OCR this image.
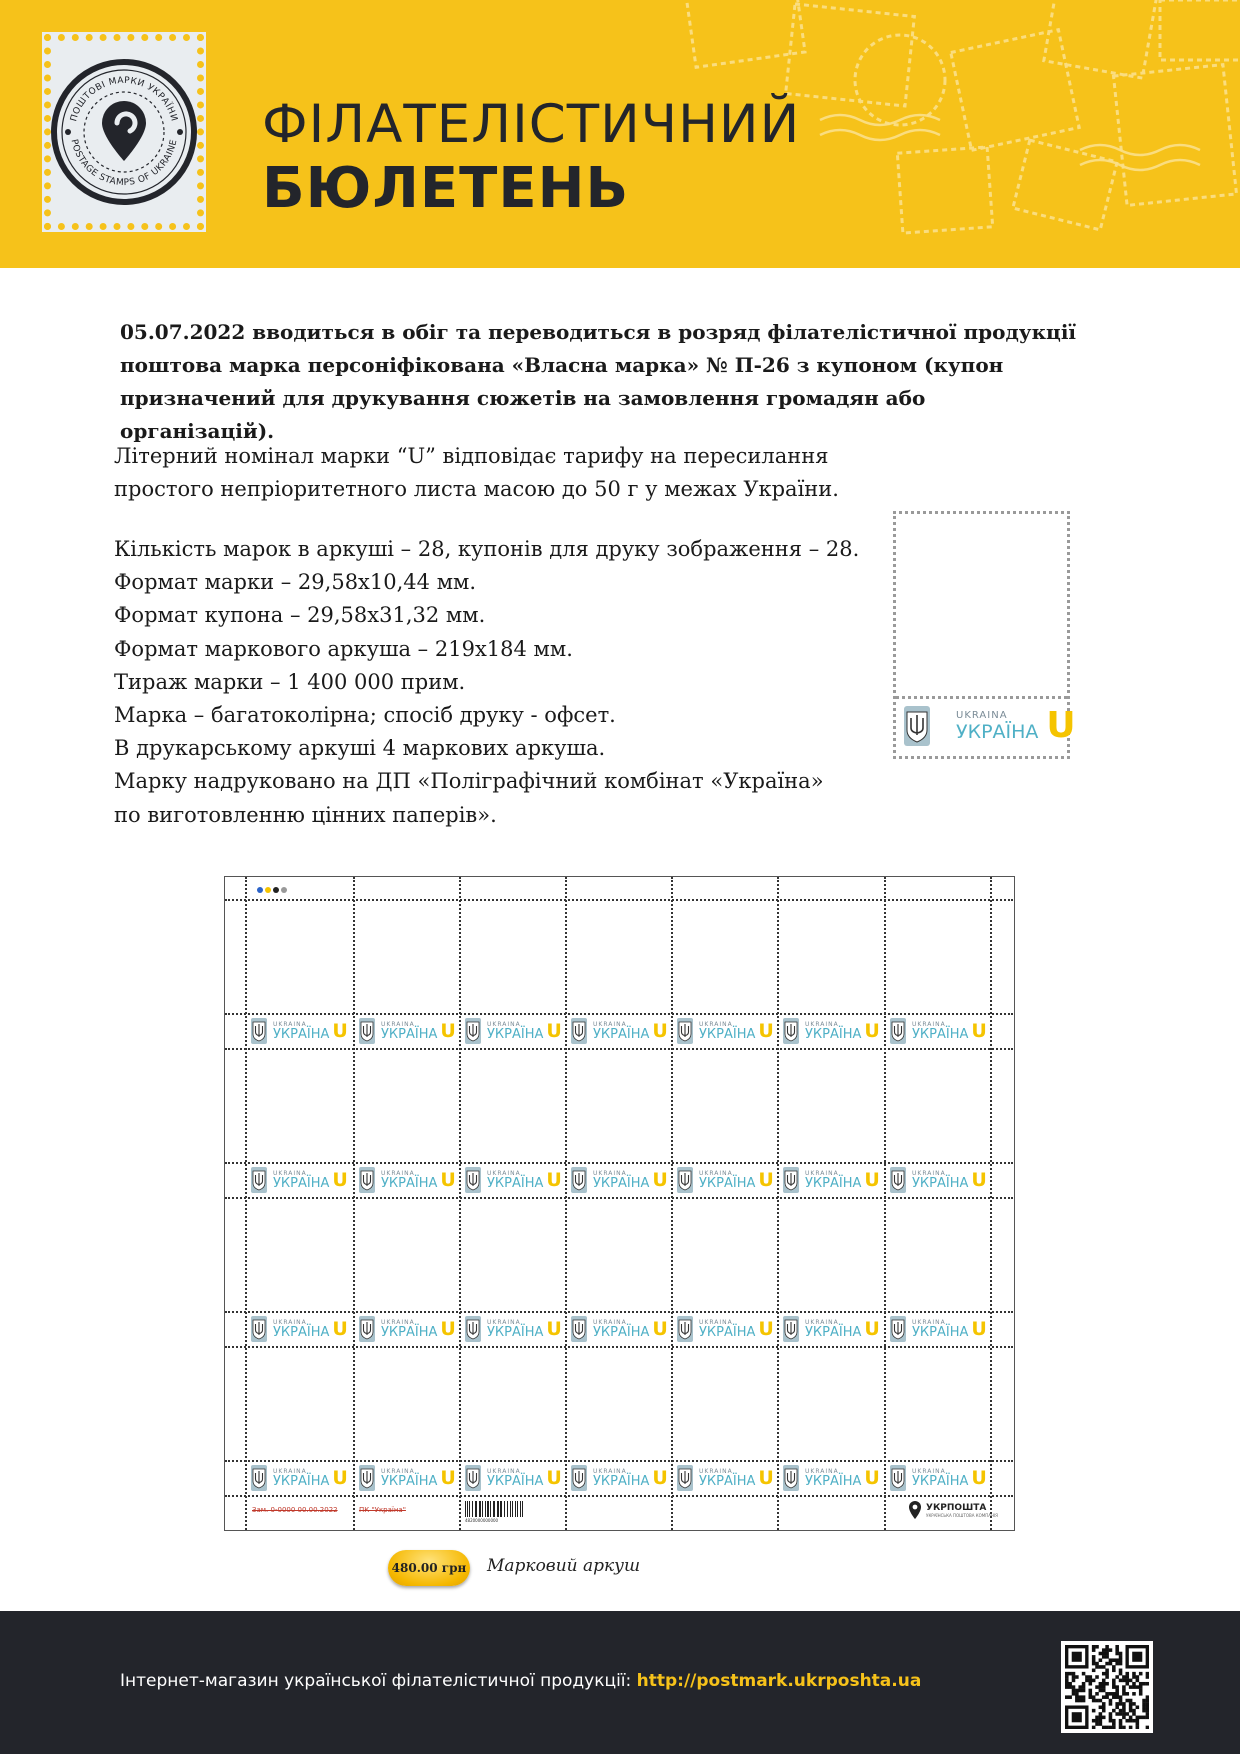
ПОШТОВІ МАРКИ УКРАЇНИ
POSTAGE STAMPS OF UKRAINE ФІЛАТЕЛІСТИЧНИЙ
БЮЛЕТЕНЬ
05.07.2022 вводиться в обіг та переводиться в розряд філателістичної продукції поштова марка персоніфікована «Власна марка» № П-26 з купоном (купон призначений для друкування сюжетів на замовлення громадян або організацій).
Літерний номінал марки “U” відповідає тарифу на пересилання простого непріоритетного листа масою до 50 г у межах України.
Кількість марок в аркуші – 28, купонів для друку зображення – 28.
Формат марки – 29,58х10,44 мм.
Формат купона – 29,58х31,32 мм.
Формат маркового аркуша – 219х184 мм.
Тираж марки – 1 400 000 прим.
Марка – багатоколірна; спосіб друку - офсет.
В друкарському аркуші 4 маркових аркуша.
Марку надруковано на ДП «Поліграфічний комбінат «Україна»
по виготовленню цінних паперів».
UKRAINA
УКРАЇНА U
Зам. 0-0000 00.00.2022	ПК "Україна"
4820000000000
УКРПОШТА
УКРАЇНСЬКА ПОШТОВА КОМПАНІЯ
UKRAINA
УКРАЇНА U	UKRAINA
УКРАЇНА U	UKRAINA
УКРАЇНА U	UKRAINA
УКРАЇНА U	UKRAINA
УКРАЇНА U	UKRAINA
УКРАЇНА U	UKRAINA
УКРАЇНА U
UKRAINA
УКРАЇНА U	UKRAINA
УКРАЇНА U	UKRAINA
УКРАЇНА U	UKRAINA
УКРАЇНА U	UKRAINA
УКРАЇНА U	UKRAINA
УКРАЇНА U	UKRAINA
УКРАЇНА U
UKRAINA
УКРАЇНА U	UKRAINA
УКРАЇНА U	UKRAINA
УКРАЇНА U	UKRAINA
УКРАЇНА U	UKRAINA
УКРАЇНА U	UKRAINA
УКРАЇНА U	UKRAINA
УКРАЇНА U
UKRAINA
УКРАЇНА U	UKRAINA
УКРАЇНА U	UKRAINA
УКРАЇНА U	UKRAINA
УКРАЇНА U	UKRAINA
УКРАЇНА U	UKRAINA
УКРАЇНА U	UKRAINA
УКРАЇНА U
480.00 грн Марковий аркуш
Інтернет-магазин української філателістичної продукції: http://postmark.ukrposhta.ua
